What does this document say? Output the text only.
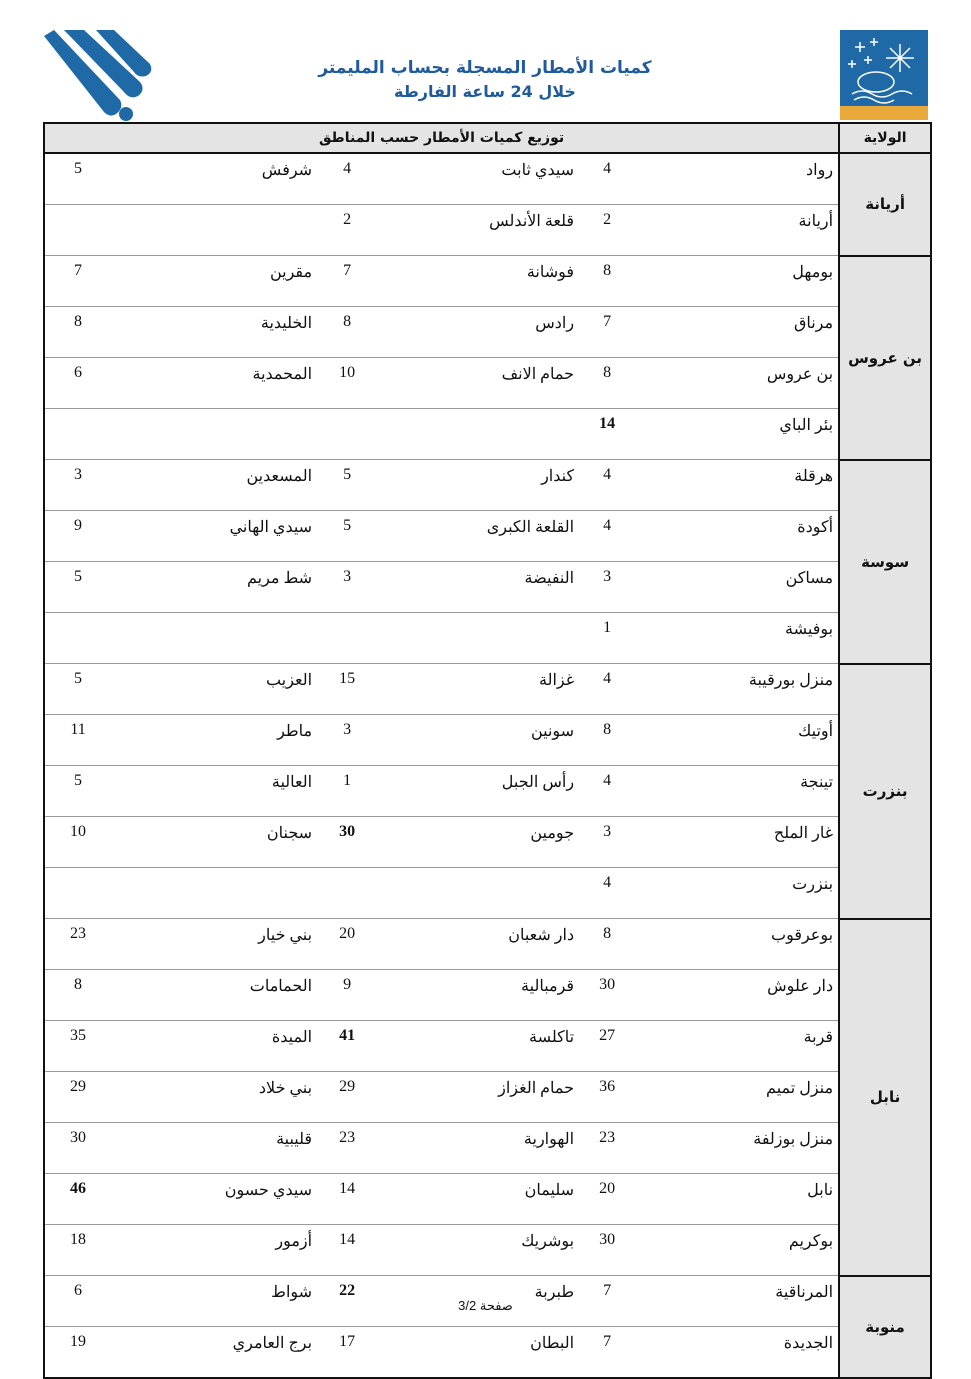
كميات الأمطار المسجلة بحساب المليمتر
خلال 24 ساعة الفارطة
الولاية	توزيع كميات الأمطار حسب المناطق					
أريانة	رواد	4	سيدي ثابت	4	شرفش	5
	أريانة	2	قلعة الأندلس	2		
بن عروس	بومهل	8	فوشانة	7	مقرين	7
	مرناق	7	رادس	8	الخليدية	8
	بن عروس	8	حمام الانف	10	المحمدية	6
	بئر الباي	14				
سوسة	هرقلة	4	كندار	5	المسعدين	3
	أكودة	4	القلعة الكبرى	5	سيدي الهاني	9
	مساكن	3	النفيضة	3	شط مريم	5
	بوفيشة	1				
بنزرت	منزل بورقيبة	4	غزالة	15	العزيب	5
	أوتيك	8	سونين	3	ماطر	11
	تينجة	4	رأس الجبل	1	العالية	5
	غار الملح	3	جومين	30	سجنان	10
	بنزرت	4				
نابل	بوعرقوب	8	دار شعبان	20	بني خيار	23
	دار علوش	30	قرمبالية	9	الحمامات	8
	قربة	27	تاكلسة	41	الميدة	35
	منزل تميم	36	حمام الغزاز	29	بني خلاد	29
	منزل بوزلفة	23	الهوارية	23	قليبية	30
	نابل	20	سليمان	14	سيدي حسون	46
	بوكريم	30	بوشريك	14	أزمور	18
منوبة	المرناقية	7	طبربة	22	شواط	6
	الجديدة	7	البطان	17	برج العامري	19
صفحة 3/2
